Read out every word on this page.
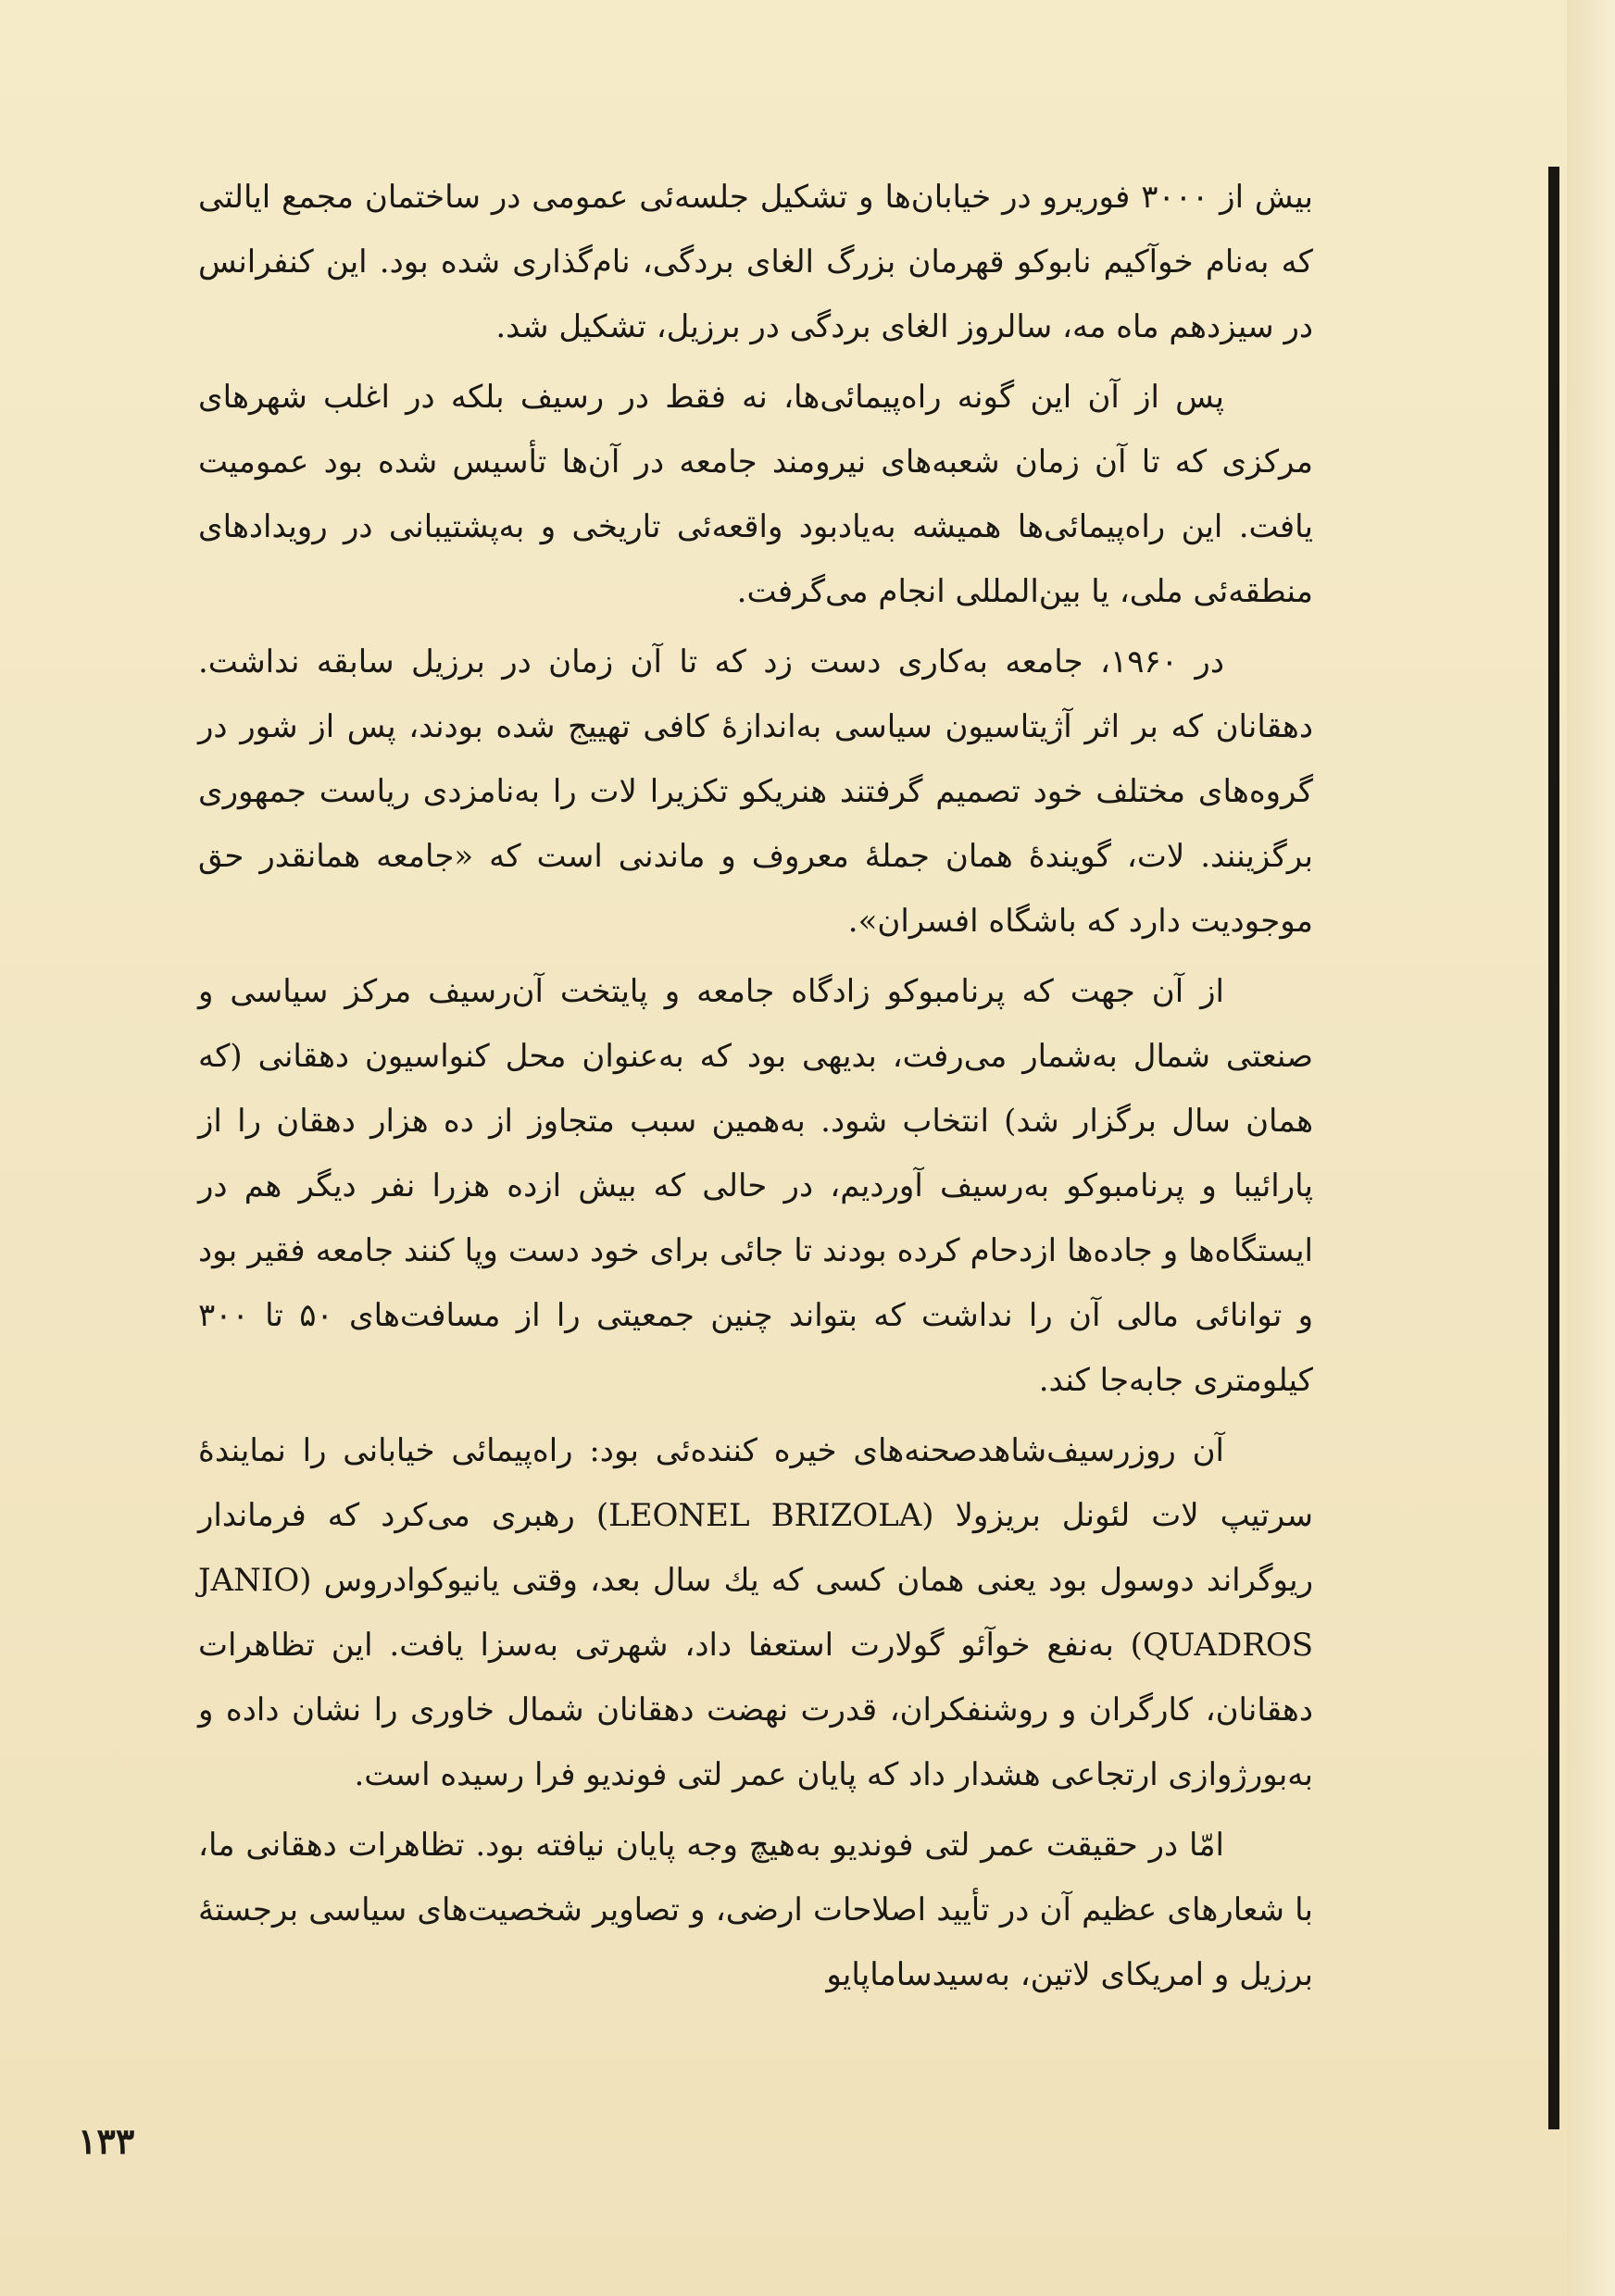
بیش از ۳۰۰۰ فوریرو در خیابان‌ها و تشکیل جلسه‌ئی عمومی در ساختمان مجمع ایالتی که به‌نام خوآکیم نابوکو قهرمان بزرگ الغای بردگی، نام‌گذاری شده بود. این کنفرانس در سیزدهم ماه مه، سالروز الغای بردگی در برزیل، تشکیل شد.

پس از آن این گونه راه‌پیمائی‌ها، نه فقط در رسیف بلکه در اغلب شهرهای مرکزی که تا آن زمان شعبه‌های نیرومند جامعه در آن‌ها تأسیس شده بود عمومیت یافت. این راه‌پیمائی‌ها همیشه به‌یادبود واقعه‌ئی تاریخی و به‌پشتیبانی در رویدادهای منطقه‌ئی ملی، یا بین‌المللی انجام می‌گرفت.

در ۱۹۶۰، جامعه به‌کاری دست زد که تا آن زمان در برزیل سابقه نداشت. دهقانان که بر اثر آژیتاسیون سیاسی به‌اندازهٔ کافی تهییج شده بودند، پس از شور در گروه‌های مختلف خود تصمیم گرفتند هنریکو تکزیرا لات را به‌نامزدی ریاست جمهوری برگزینند. لات، گویندهٔ همان جملهٔ معروف و ماندنی است که «جامعه همانقدر حق موجودیت دارد که باشگاه افسران».

از آن جهت که پرنامبوکو زادگاه جامعه و پایتخت آن‌رسیف مرکز سیاسی و صنعتی شمال به‌شمار می‌رفت، بدیهی بود که به‌عنوان محل کنواسیون دهقانی (که همان سال برگزار شد) انتخاب شود. به‌همین سبب متجاوز از ده هزار دهقان را از پارائیبا و پرنامبوکو به‌رسیف آوردیم، در حالی که بیش ازده هزرا نفر دیگر هم در ایستگاه‌ها و جاده‌ها ازدحام کرده بودند تا جائی برای خود دست وپا کنند جامعه فقیر بود و توانائی مالی آن را نداشت که بتواند چنین جمعیتی را از مسافت‌های ۵۰ تا ۳۰۰ کیلومتری جابه‌جا کند.

آن روزرسیف‌شاهدصحنه‌های خیره کننده‌ئی بود: راه‌پیمائی خیابانی را نمایندهٔ سرتیپ لات لئونل بریزولا (LEONEL BRIZOLA) رهبری می‌کرد که فرماندار ریوگراند دوسول بود یعنی همان کسی که یك سال بعد، وقتی یانیوکوادروس (JANIO QUADROS) به‌نفع خوآئو گولارت استعفا داد، شهرتی به‌سزا یافت. این تظاهرات دهقانان، کارگران و روشنفکران، قدرت نهضت دهقانان شمال خاوری را نشان داده و به‌بورژوازی ارتجاعی هشدار داد که پایان عمر لتی فوندیو فرا رسیده است.

امّا در حقیقت عمر لتی فوندیو به‌هیچ وجه پایان نیافته بود. تظاهرات دهقانی ما، با شعارهای عظیم آن در تأیید اصلاحات ارضی، و تصاویر شخصیت‌های سیاسی برجستهٔ برزیل و امریکای لاتین، به‌سیدساماپایو

۱۳۳
